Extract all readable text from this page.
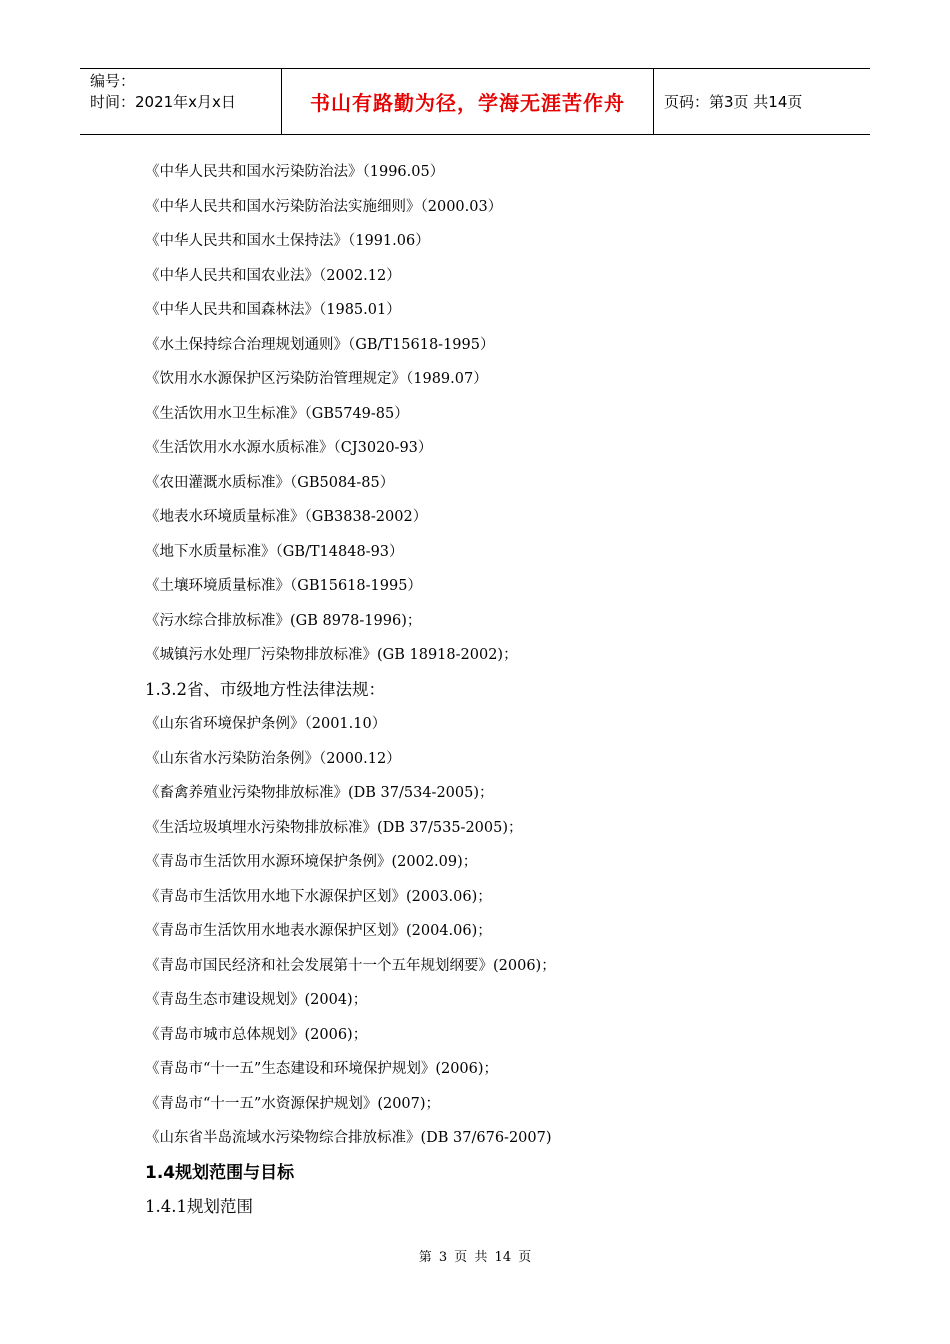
编号：
时间：2021年x月x日	书山有路勤为径，学海无涯苦作舟	页码：第3页 共14页
《中华人民共和国水污染防治法》（1996.05）
《中华人民共和国水污染防治法实施细则》（2000.03）
《中华人民共和国水土保持法》（1991.06）
《中华人民共和国农业法》（2002.12）
《中华人民共和国森林法》（1985.01）
《水土保持综合治理规划通则》（GB/T15618-1995）
《饮用水水源保护区污染防治管理规定》（1989.07）
《生活饮用水卫生标准》（GB5749-85）
《生活饮用水水源水质标准》（CJ3020-93）
《农田灌溉水质标准》（GB5084-85）
《地表水环境质量标准》（GB3838-2002）
《地下水质量标准》（GB/T14848-93）
《土壤环境质量标准》（GB15618-1995）
《污水综合排放标准》(GB 8978-1996)；
《城镇污水处理厂污染物排放标准》(GB 18918-2002)；
1.3.2省、市级地方性法律法规：
《山东省环境保护条例》（2001.10）
《山东省水污染防治条例》（2000.12）
《畜禽养殖业污染物排放标准》(DB 37/534-2005)；
《生活垃圾填埋水污染物排放标准》(DB 37/535-2005)；
《青岛市生活饮用水源环境保护条例》(2002.09)；
《青岛市生活饮用水地下水源保护区划》(2003.06)；
《青岛市生活饮用水地表水源保护区划》(2004.06)；
《青岛市国民经济和社会发展第十一个五年规划纲要》(2006)；
《青岛生态市建设规划》(2004)；
《青岛市城市总体规划》(2006)；
《青岛市“十一五”生态建设和环境保护规划》(2006)；
《青岛市“十一五”水资源保护规划》(2007)；
《山东省半岛流域水污染物综合排放标准》(DB 37/676-2007)
1.4规划范围与目标
1.4.1规划范围
第 3 页 共 14 页
